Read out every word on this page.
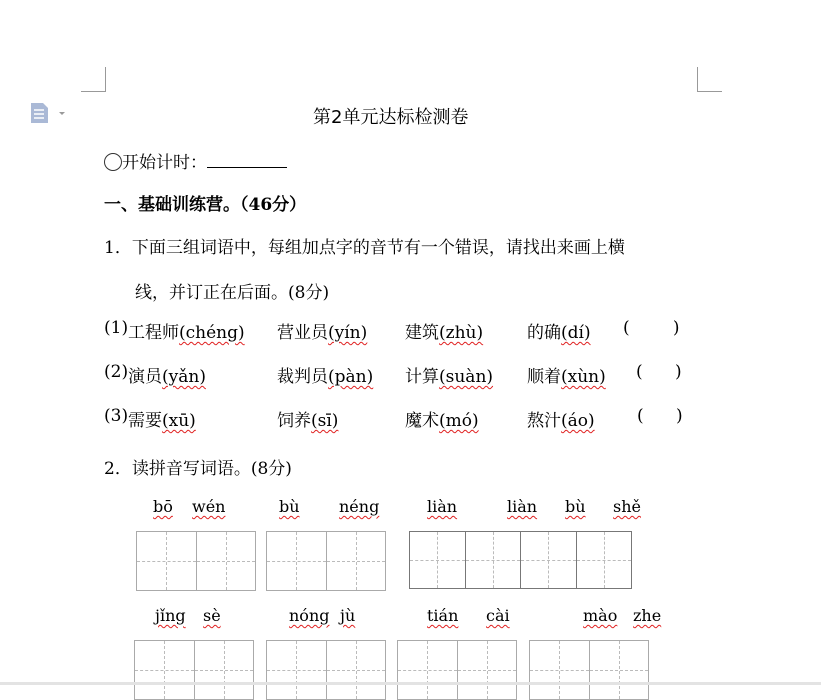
第2单元达标检测卷
开始计时：
一、基础训练营。（46分）
1．下面三组词语中，每组加点字的音节有一个错误，请找出来画上横
线，并订正在后面。(8分)
(1) 工程师(chéng) 营业员(yín) 建筑(zhù)	的确(dí) (        )
(2) 演员(yǎn)	裁判员(pàn) 计算(suàn) 顺着(xùn) (      )
(3) 需要(xū)	饲养(sī)	魔术(mó)	熬汁(áo) (      )
2．读拼音写词语。(8分)
bō wén	bù néng	liàn	liàn bù shě
jǐng sè	nóng jù	tián cài	mào zhe
